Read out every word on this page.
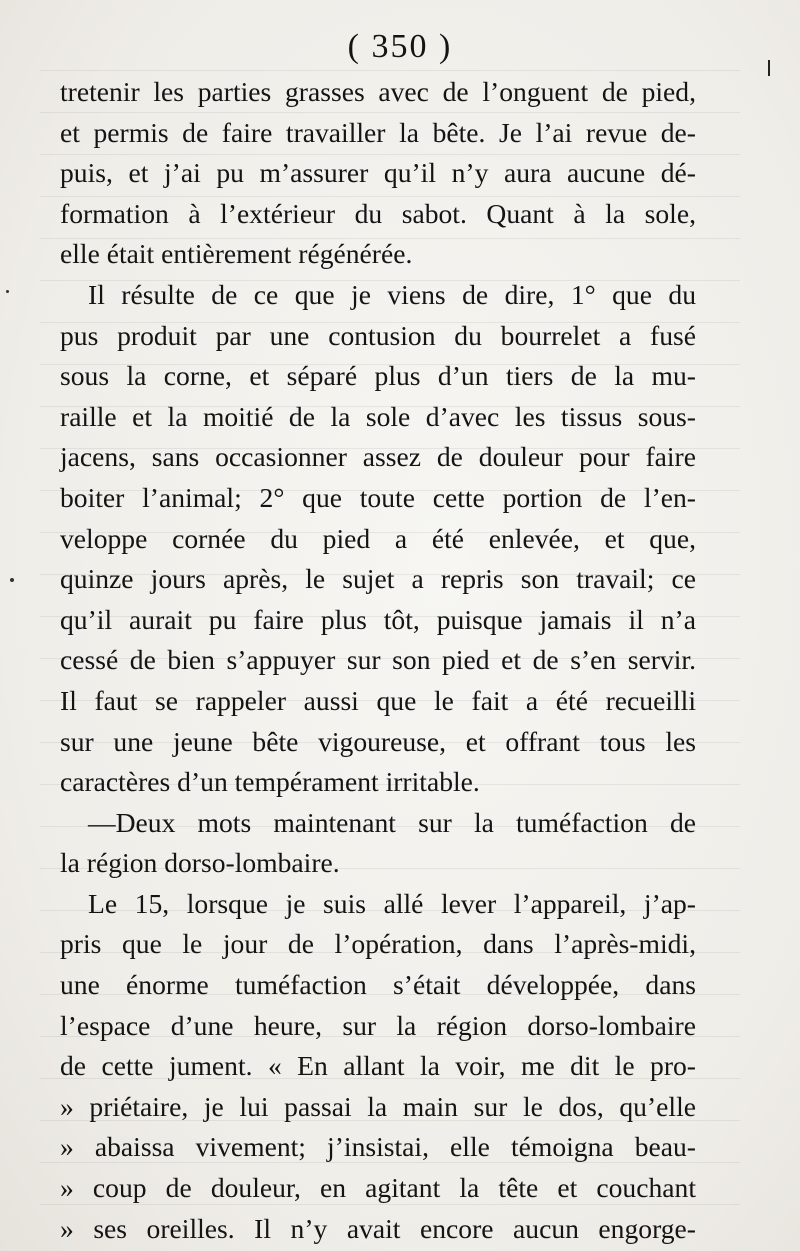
( 350 )
tretenir les parties grasses avec de l’onguent de pied,
et permis de faire travailler la bête. Je l’ai revue de-
puis, et j’ai pu m’assurer qu’il n’y aura aucune dé-
formation à l’extérieur du sabot. Quant à la sole,
elle était entièrement régénérée.
Il résulte de ce que je viens de dire, 1° que du
pus produit par une contusion du bourrelet a fusé
sous la corne, et séparé plus d’un tiers de la mu-
raille et la moitié de la sole d’avec les tissus sous-
jacens, sans occasionner assez de douleur pour faire
boiter l’animal; 2° que toute cette portion de l’en-
veloppe cornée du pied a été enlevée, et que,
quinze jours après, le sujet a repris son travail; ce
qu’il aurait pu faire plus tôt, puisque jamais il n’a
cessé de bien s’appuyer sur son pied et de s’en servir.
Il faut se rappeler aussi que le fait a été recueilli
sur une jeune bête vigoureuse, et offrant tous les
caractères d’un tempérament irritable.
—Deux mots maintenant sur la tuméfaction de
la région dorso-lombaire.
Le 15, lorsque je suis allé lever l’appareil, j’ap-
pris que le jour de l’opération, dans l’après-midi,
une énorme tuméfaction s’était développée, dans
l’espace d’une heure, sur la région dorso-lombaire
de cette jument. « En allant la voir, me dit le pro-
» priétaire, je lui passai la main sur le dos, qu’elle
» abaissa vivement; j’insistai, elle témoigna beau-
» coup de douleur, en agitant la tête et couchant
» ses oreilles. Il n’y avait encore aucun engorge-
